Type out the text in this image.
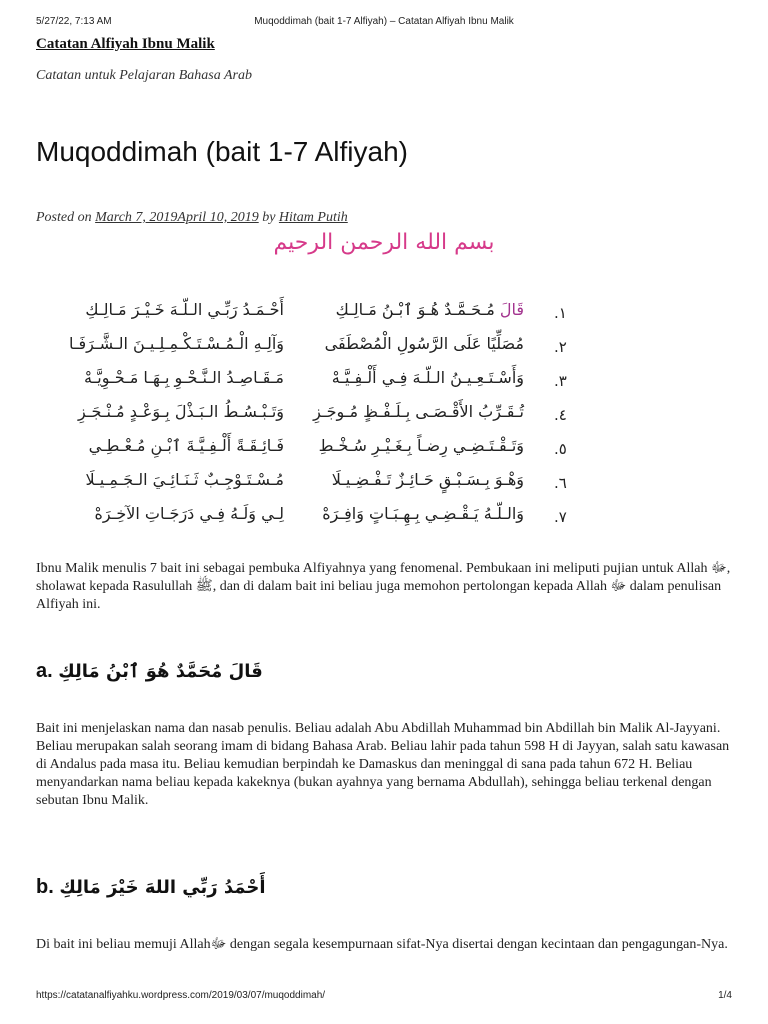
5/27/22, 7:13 AM	Muqoddimah (bait 1-7 Alfiyah) – Catatan Alfiyah Ibnu Malik
Catatan Alfiyah Ibnu Malik
Catatan untuk Pelajaran Bahasa Arab
Muqoddimah (bait 1-7 Alfiyah)
Posted on March 7, 2019April 10, 2019 by Hitam Putih
بسم الله الرحمن الرحيم
١.
قَالَ مُـحَـمَّـدٌ هُـوَ ٱبْـنُ مَـالِـكِ
أَحْـمَـدُ رَبِّـي الـلّـهَ خَـيْـرَ مَـالِـكِ
٢.
مُصَلِّيًا عَلَى الرَّسُولِ الْمُصْطَفَى
وَآلِـهِ الْـمُـسْـتَـكْـمِـلِـيـنَ الـشَّـرَفَـا
٣.
وَأَسْـتَـعِـيـنُ الـلّـهَ فِـي أَلْـفِـيَّـهْ
مَـقَـاصِـدُ الـنَّـحْـوِ بِـهَـا مَـحْـوِيَّـهْ
٤.
تُـقَـرِّبُ الأَقْـصَـى بِـلَـفْـظٍ مُـوجَـزِ
وَتَـبْـسُـطُ الـبَـذْلَ بِـوَعْـدٍ مُـنْـجَـزِ
٥.
وَتَـقْـتَـضِـي رِضـاً بِـغَـيْـرِ سُـخْـطِ
فَـائِـقَـةً أَلْـفِـيَّـةَ ٱبْـنِ مُـعْـطِـي
٦.
وَهْـوَ بِـسَـبْـقٍ حَـائِـزٌ تَـفْـضِـيـلَا
مُـسْـتَـوْجِـبٌ ثَـنَـائِـيَ الـجَـمِـيـلَا
٧.
وَالـلّـهُ يَـقْـضِـي بِـهِـبَـاتٍ وَافِـرَهْ
لِـي وَلَـهُ فِـي دَرَجَـاتِ الآخِـرَهْ

Ibnu Malik menulis 7 bait ini sebagai pembuka Alfiyahnya yang fenomenal. Pembukaan ini meliputi pujian untuk Allah ﷻ, sholawat kepada Rasulullah ﷺ, dan di dalam bait ini beliau juga memohon pertolongan kepada Allah ﷻ dalam penulisan Alfiyah ini.

a. قَالَ مُحَمَّدٌ هُوَ ٱبْنُ مَالِكِ

Bait ini menjelaskan nama dan nasab penulis. Beliau adalah Abu Abdillah Muhammad bin Abdillah bin Malik Al-Jayyani. Beliau merupakan salah seorang imam di bidang Bahasa Arab. Beliau lahir pada tahun 598 H di Jayyan, salah satu kawasan di Andalus pada masa itu. Beliau kemudian berpindah ke Damaskus dan meninggal di sana pada tahun 672 H. Beliau menyandarkan nama beliau kepada kakeknya (bukan ayahnya yang bernama Abdullah), sehingga beliau terkenal dengan sebutan Ibnu Malik.

b. أَحْمَدُ رَبِّي اللهَ خَيْرَ مَالِكِ

Di bait ini beliau memuji Allahﷻ dengan segala kesempurnaan sifat-Nya disertai dengan kecintaan dan pengagungan-Nya.

https://catatanalfiyahku.wordpress.com/2019/03/07/muqoddimah/	1/4
